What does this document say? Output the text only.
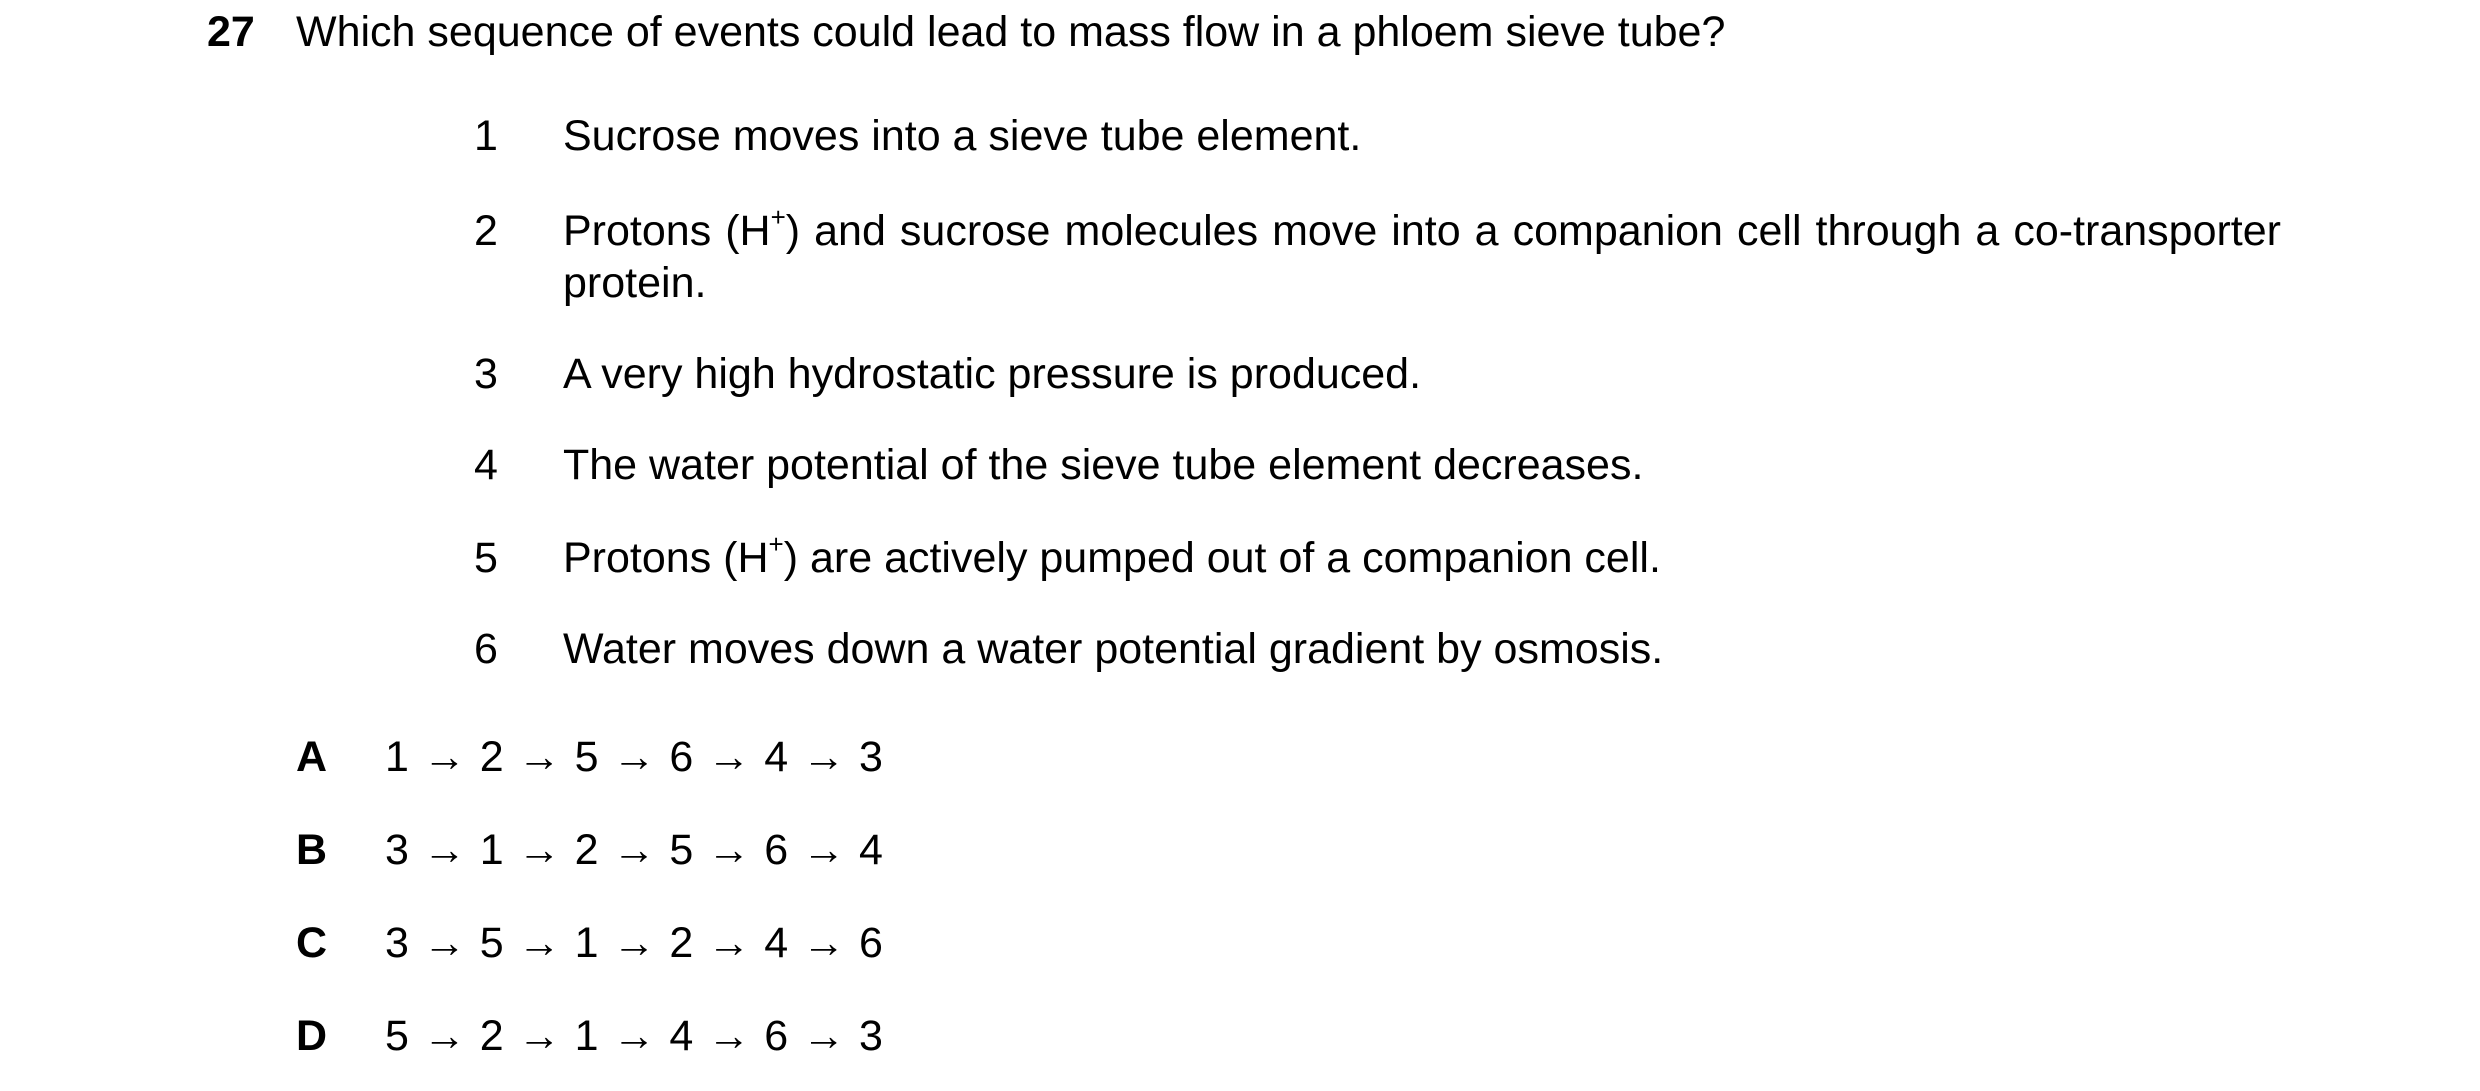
27 Which sequence of events could lead to mass flow in a phloem sieve tube?
1 Sucrose moves into a sieve tube element.
2 Protons (H+) and sucrose molecules move into a companion cell through a co-transporter protein.
3 A very high hydrostatic pressure is produced.
4 The water potential of the sieve tube element decreases.
5 Protons (H+) are actively pumped out of a companion cell.
6 Water moves down a water potential gradient by osmosis.
A 1 → 2 → 5 → 6 → 4 → 3
B 3 → 1 → 2 → 5 → 6 → 4
C 3 → 5 → 1 → 2 → 4 → 6
D 5 → 2 → 1 → 4 → 6 → 3
